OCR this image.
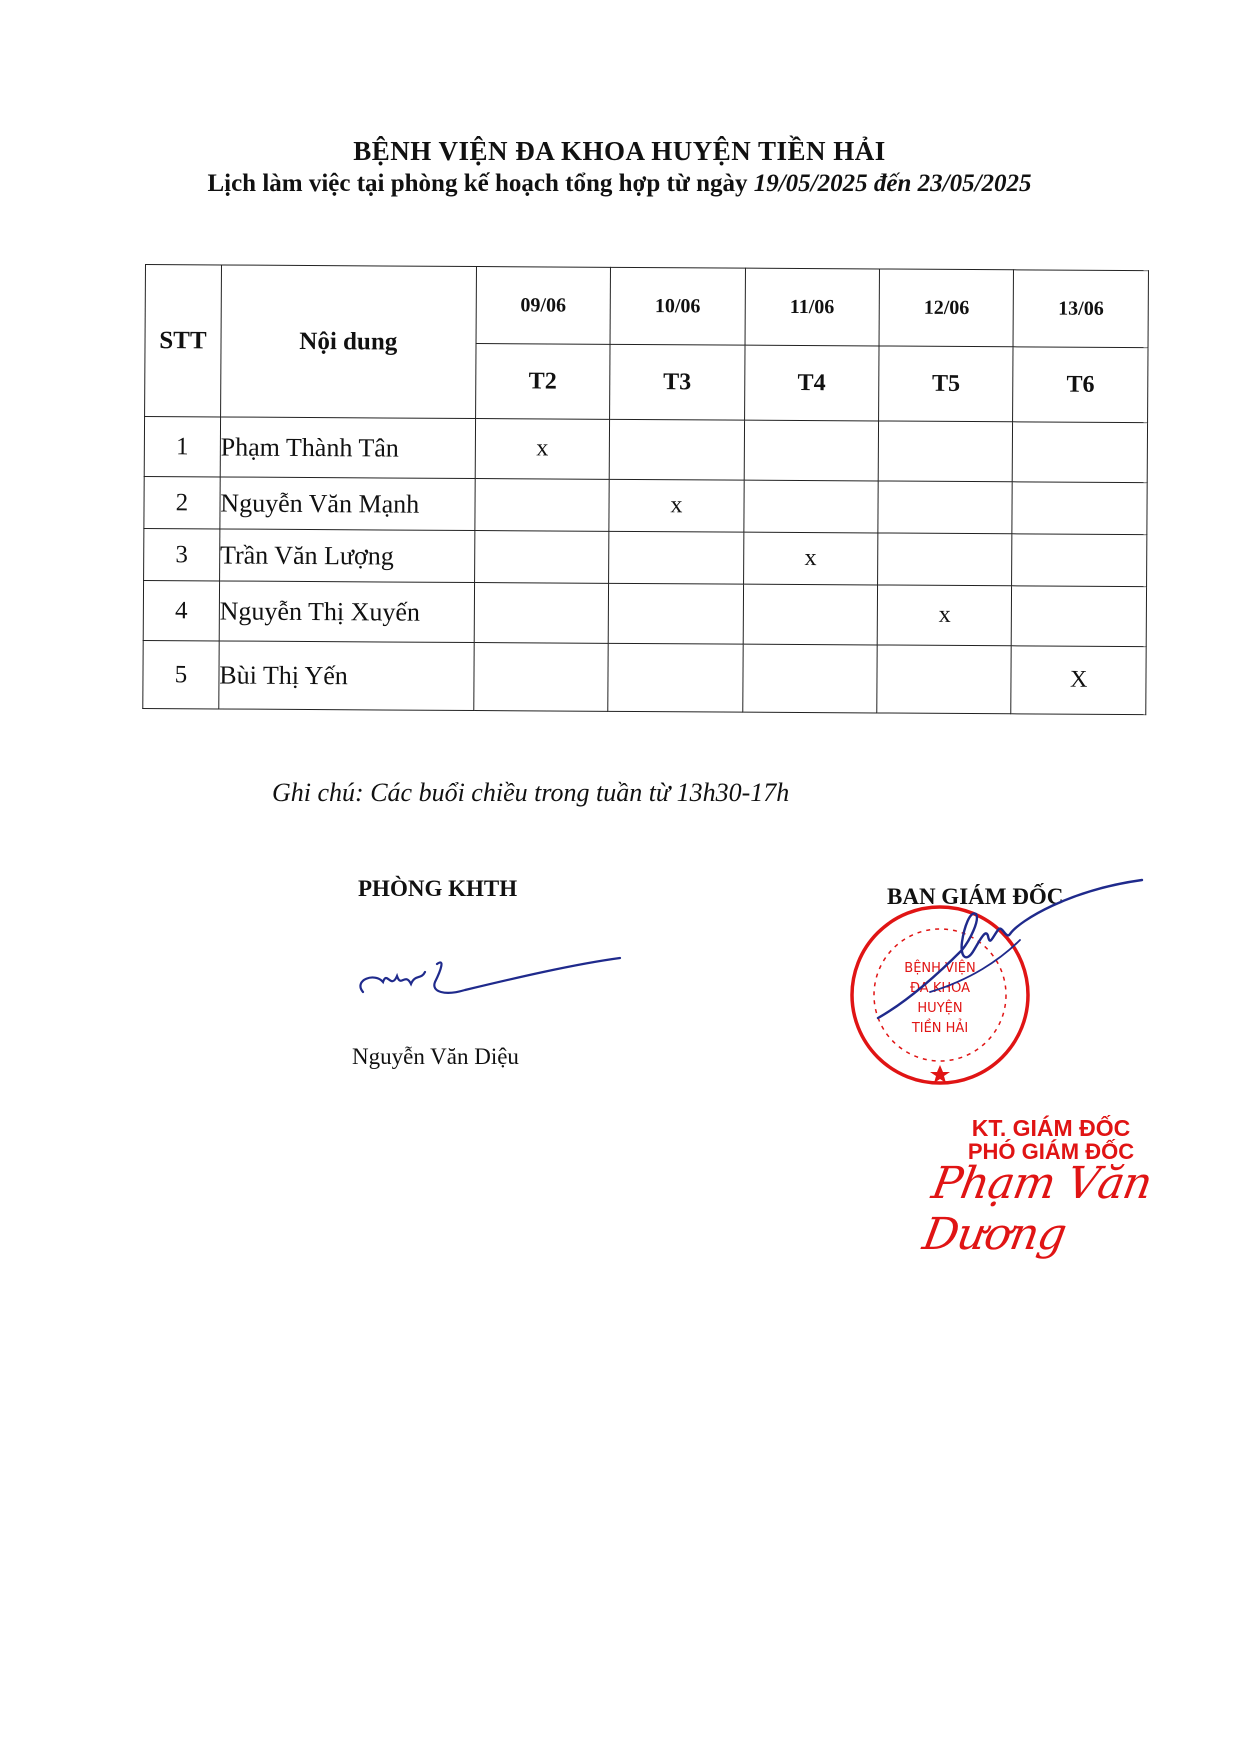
BỆNH VIỆN ĐA KHOA HUYỆN TIỀN HẢI
Lịch làm việc tại phòng kế hoạch tổng hợp từ ngày 19/05/2025 đến 23/05/2025
STT	Nội dung	09/06	10/06	11/06	12/06	13/06
		T2	T3	T4	T5	T6
1	Phạm Thành Tân	x				
2	Nguyễn Văn Mạnh		x			
3	Trần Văn Lượng			x		
4	Nguyễn Thị Xuyến				x	
5	Bùi Thị Yến					X
Ghi chú: Các buổi chiều trong tuần từ 13h30-17h
PHÒNG KHTH
Nguyễn Văn Diệu
BAN GIÁM ĐỐC
BỆNH VIỆN
ĐA KHOA
HUYỆN
TIỀN HẢI
KT. GIÁM ĐỐC
PHÓ GIÁM ĐỐC
Phạm Văn Dương
